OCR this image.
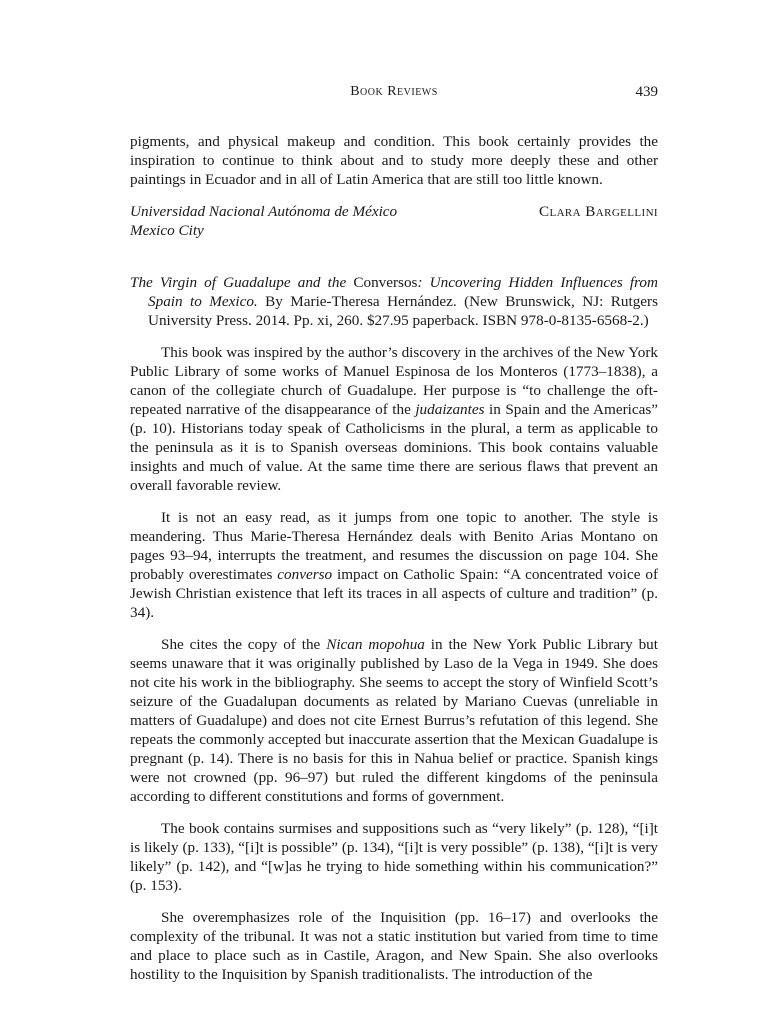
Book Reviews	439

pigments, and physical makeup and condition. This book certainly provides the inspiration to continue to think about and to study more deeply these and other paintings in Ecuador and in all of Latin America that are still too little known.

Universidad Nacional Autónoma de México
Mexico City
Clara Bargellini

The Virgin of Guadalupe and the Conversos: Uncovering Hidden Influences from Spain to Mexico. By Marie-Theresa Hernández. (New Brunswick, NJ: Rutgers University Press. 2014. Pp. xi, 260. $27.95 paperback. ISBN 978-0-8135-6568-2.)

This book was inspired by the author’s discovery in the archives of the New York Public Library of some works of Manuel Espinosa de los Monteros (1773–1838), a canon of the collegiate church of Guadalupe. Her purpose is “to challenge the oft-repeated narrative of the disappearance of the judaizantes in Spain and the Americas” (p. 10). Historians today speak of Catholicisms in the plural, a term as applicable to the peninsula as it is to Spanish overseas dominions. This book contains valuable insights and much of value. At the same time there are serious flaws that prevent an overall favorable review.

It is not an easy read, as it jumps from one topic to another. The style is meandering. Thus Marie-Theresa Hernández deals with Benito Arias Montano on pages 93–94, interrupts the treatment, and resumes the discussion on page 104. She probably overestimates converso impact on Catholic Spain: “A concentrated voice of Jewish Christian existence that left its traces in all aspects of culture and tradition” (p. 34).

She cites the copy of the Nican mopohua in the New York Public Library but seems unaware that it was originally published by Laso de la Vega in 1949. She does not cite his work in the bibliography. She seems to accept the story of Winfield Scott’s seizure of the Guadalupan documents as related by Mariano Cuevas (unreliable in matters of Guadalupe) and does not cite Ernest Burrus’s refutation of this legend. She repeats the commonly accepted but inaccurate assertion that the Mexican Guadalupe is pregnant (p. 14). There is no basis for this in Nahua belief or practice. Spanish kings were not crowned (pp. 96–97) but ruled the different kingdoms of the peninsula according to different constitutions and forms of government.

The book contains surmises and suppositions such as “very likely” (p. 128), “[i]t is likely (p. 133), “[i]t is possible” (p. 134), “[i]t is very possible” (p. 138), “[i]t is very likely” (p. 142), and “[w]as he trying to hide something within his communication?” (p. 153).

She overemphasizes role of the Inquisition (pp. 16–17) and overlooks the complexity of the tribunal. It was not a static institution but varied from time to time and place to place such as in Castile, Aragon, and New Spain. She also overlooks hostility to the Inquisition by Spanish traditionalists. The introduction of the
